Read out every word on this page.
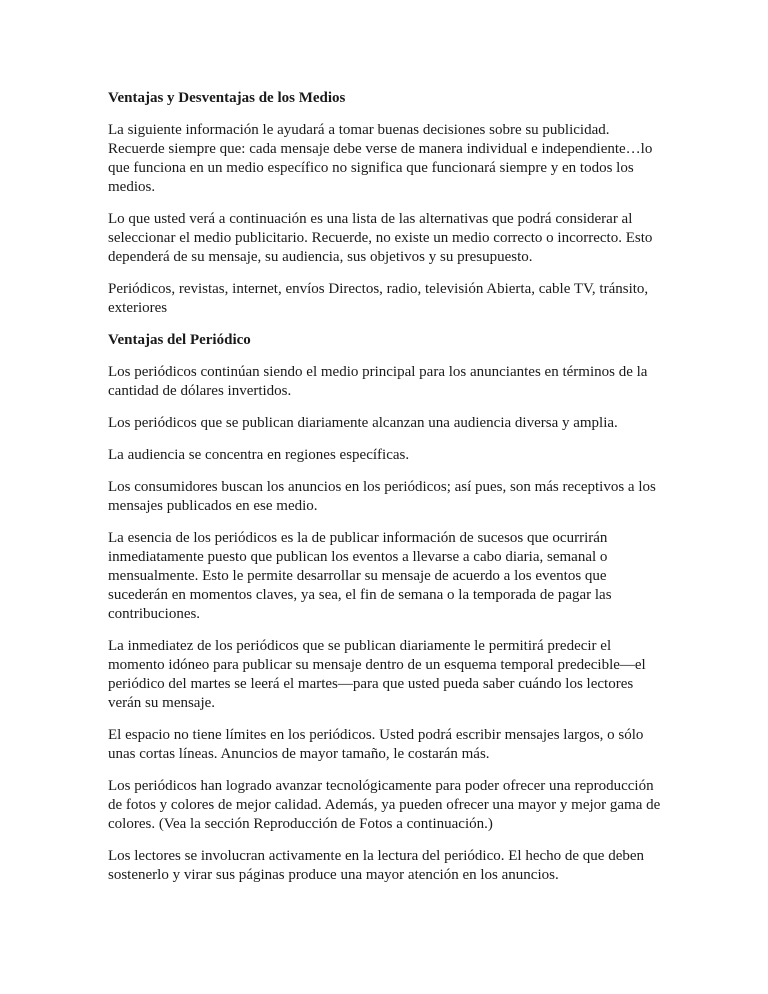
Ventajas y Desventajas de los Medios

La siguiente información le ayudará a tomar buenas decisiones sobre su publicidad. Recuerde siempre que: cada mensaje debe verse de manera individual e independiente…lo que funciona en un medio específico no significa que funcionará siempre y en todos los medios.

Lo que usted verá a continuación es una lista de las alternativas que podrá considerar al seleccionar el medio publicitario. Recuerde, no existe un medio correcto o incorrecto. Esto dependerá de su mensaje, su audiencia, sus objetivos y su presupuesto.

Periódicos, revistas, internet, envíos Directos, radio, televisión Abierta, cable TV, tránsito, exteriores

Ventajas del Periódico

Los periódicos continúan siendo el medio principal para los anunciantes en términos de la cantidad de dólares invertidos.

Los periódicos que se publican diariamente alcanzan una audiencia diversa y amplia.

La audiencia se concentra en regiones específicas.

Los consumidores buscan los anuncios en los periódicos; así pues, son más receptivos a los mensajes publicados en ese medio.

La esencia de los periódicos es la de publicar información de sucesos que ocurrirán inmediatamente puesto que publican los eventos a llevarse a cabo diaria, semanal o mensualmente. Esto le permite desarrollar su mensaje de acuerdo a los eventos que sucederán en momentos claves, ya sea, el fin de semana o la temporada de pagar las contribuciones.

La inmediatez de los periódicos que se publican diariamente le permitirá predecir el momento idóneo para publicar su mensaje dentro de un esquema temporal predecible—el periódico del martes se leerá el martes—para que usted pueda saber cuándo los lectores verán su mensaje.

El espacio no tiene límites en los periódicos. Usted podrá escribir mensajes largos, o sólo unas cortas líneas. Anuncios de mayor tamaño, le costarán más.

Los periódicos han logrado avanzar tecnológicamente para poder ofrecer una reproducción de fotos y colores de mejor calidad. Además, ya pueden ofrecer una mayor y mejor gama de colores. (Vea la sección Reproducción de Fotos a continuación.)

Los lectores se involucran activamente en la lectura del periódico. El hecho de que deben sostenerlo y virar sus páginas produce una mayor atención en los anuncios.
